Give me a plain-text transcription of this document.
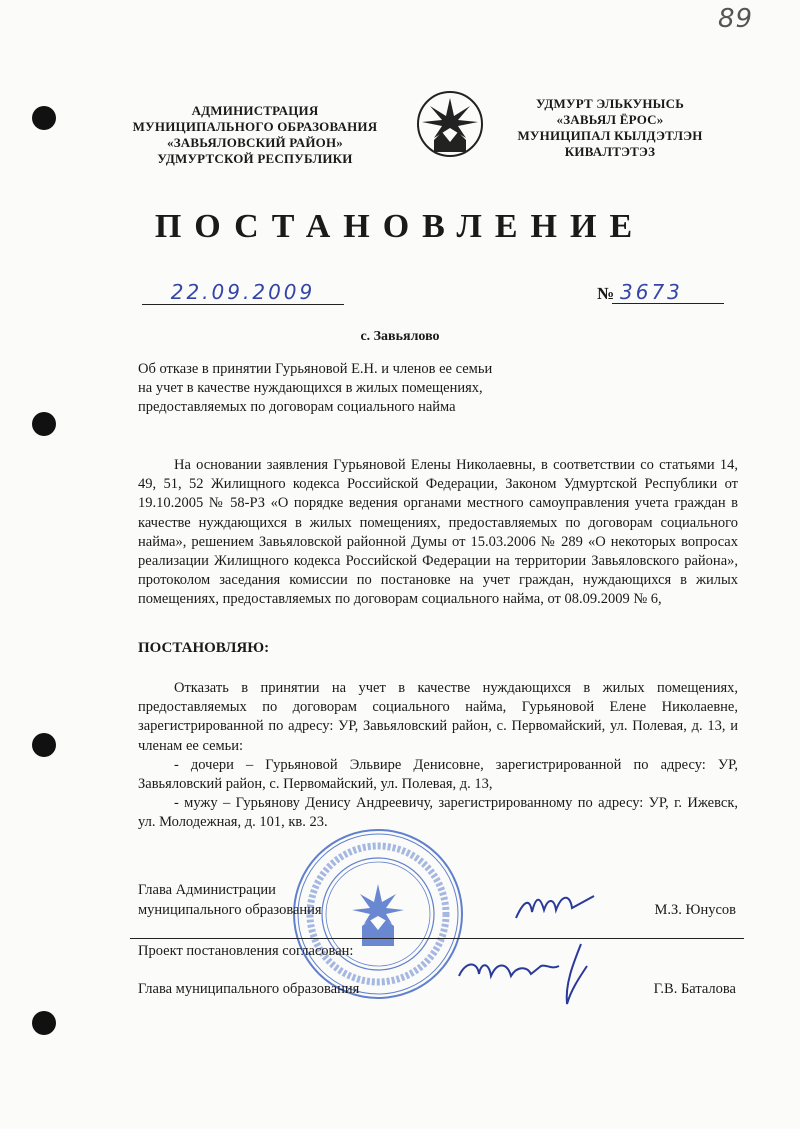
89
АДМИНИСТРАЦИЯ
МУНИЦИПАЛЬНОГО ОБРАЗОВАНИЯ
«ЗАВЬЯЛОВСКИЙ РАЙОН»
УДМУРТСКОЙ РЕСПУБЛИКИ
УДМУРТ ЭЛЬКУНЫСЬ
«ЗАВЬЯЛ ЁРОС»
МУНИЦИПАЛ КЫЛДЭТЛЭН
КИВАЛТЭТЭЗ
ПОСТАНОВЛЕНИЕ
22.09.2009	№ 3673
с. Завьялово
Об отказе в принятии Гурьяновой Е.Н. и членов ее семьи
на учет в качестве нуждающихся в жилых помещениях,
предоставляемых по договорам социального найма

На основании заявления Гурьяновой Елены Николаевны, в соответствии со статьями 14, 49, 51, 52 Жилищного кодекса Российской Федерации, Законом Удмуртской Республики от 19.10.2005 № 58-РЗ «О порядке ведения органами местного самоуправления учета граждан в качестве нуждающихся в жилых помещениях, предоставляемых по договорам социального найма», решением Завьяловской районной Думы от 15.03.2006 № 289 «О некоторых вопросах реализации Жилищного кодекса Российской Федерации на территории Завьяловского района», протоколом заседания комиссии по постановке на учет граждан, нуждающихся в жилых помещениях, предоставляемых по договорам социального найма, от 08.09.2009 № 6,

ПОСТАНОВЛЯЮ:

Отказать в принятии на учет в качестве нуждающихся в жилых помещениях, предоставляемых по договорам социального найма, Гурьяновой Елене Николаевне, зарегистрированной по адресу: УР, Завьяловский район, с. Первомайский, ул. Полевая, д. 13, и членам ее семьи:

- дочери – Гурьяновой Эльвире Денисовне, зарегистрированной по адресу: УР, Завьяловский район, с. Первомайский, ул. Полевая, д. 13,

- мужу – Гурьянову Денису Андреевичу, зарегистрированному по адресу: УР, г. Ижевск, ул. Молодежная, д. 101, кв. 23.

Глава Администрации
муниципального образования	М.З. Юнусов
Проект постановления согласован:
Глава муниципального образования	Г.В. Баталова
